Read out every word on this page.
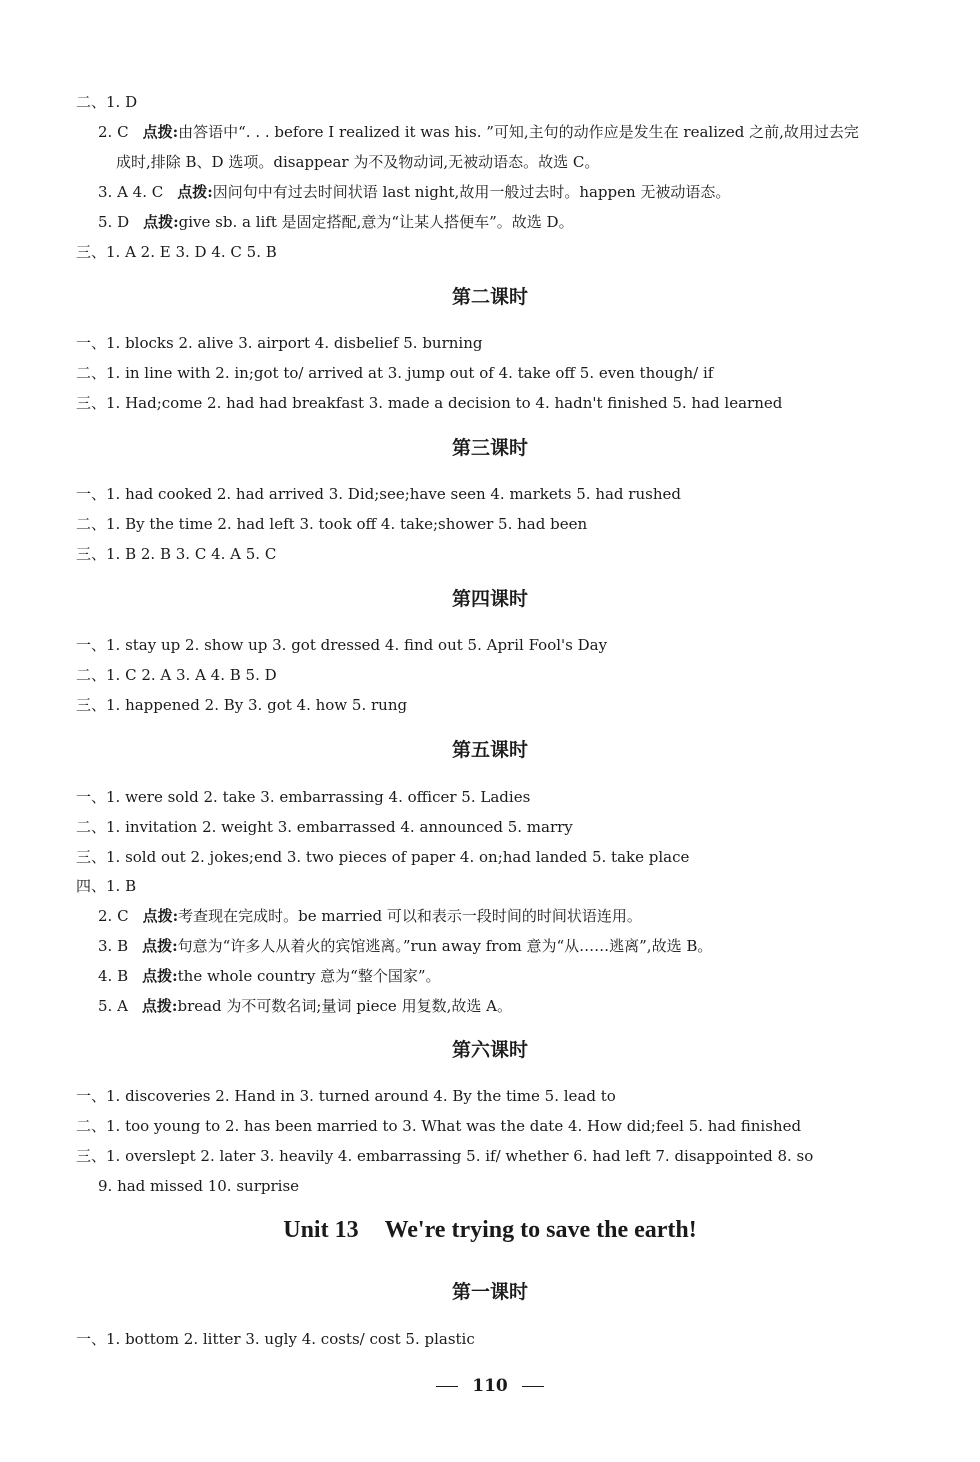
二、1. D
2. C 点拨:由答语中“. . . before I realized it was his. ”可知,主句的动作应是发生在 realized 之前,故用过去完
成时,排除 B、D 选项。disappear 为不及物动词,无被动语态。故选 C。
3. A 4. C 点拨:因问句中有过去时间状语 last night,故用一般过去时。happen 无被动语态。
5. D 点拨:give sb. a lift 是固定搭配,意为“让某人搭便车”。故选 D。
三、1. A 2. E 3. D 4. C 5. B
第二课时
一、1. blocks 2. alive 3. airport 4. disbelief 5. burning
二、1. in line with 2. in;got to/ arrived at 3. jump out of 4. take off 5. even though/ if
三、1. Had;come 2. had had breakfast 3. made a decision to 4. hadn't finished 5. had learned
第三课时
一、1. had cooked 2. had arrived 3. Did;see;have seen 4. markets 5. had rushed
二、1. By the time 2. had left 3. took off 4. take;shower 5. had been
三、1. B 2. B 3. C 4. A 5. C
第四课时
一、1. stay up 2. show up 3. got dressed 4. find out 5. April Fool's Day
二、1. C 2. A 3. A 4. B 5. D
三、1. happened 2. By 3. got 4. how 5. rung
第五课时
一、1. were sold 2. take 3. embarrassing 4. officer 5. Ladies
二、1. invitation 2. weight 3. embarrassed 4. announced 5. marry
三、1. sold out 2. jokes;end 3. two pieces of paper 4. on;had landed 5. take place
四、1. B
2. C 点拨:考查现在完成时。be married 可以和表示一段时间的时间状语连用。
3. B 点拨:句意为“许多人从着火的宾馆逃离。”run away from 意为“从……逃离”,故选 B。
4. B 点拨:the whole country 意为“整个国家”。
5. A 点拨:bread 为不可数名词;量词 piece 用复数,故选 A。
第六课时
一、1. discoveries 2. Hand in 3. turned around 4. By the time 5. lead to
二、1. too young to 2. has been married to 3. What was the date 4. How did;feel 5. had finished
三、1. overslept 2. later 3. heavily 4. embarrassing 5. if/ whether 6. had left 7. disappointed 8. so
9. had missed 10. surprise
Unit 13 We're trying to save the earth!
第一课时
一、1. bottom 2. litter 3. ugly 4. costs/ cost 5. plastic
110
